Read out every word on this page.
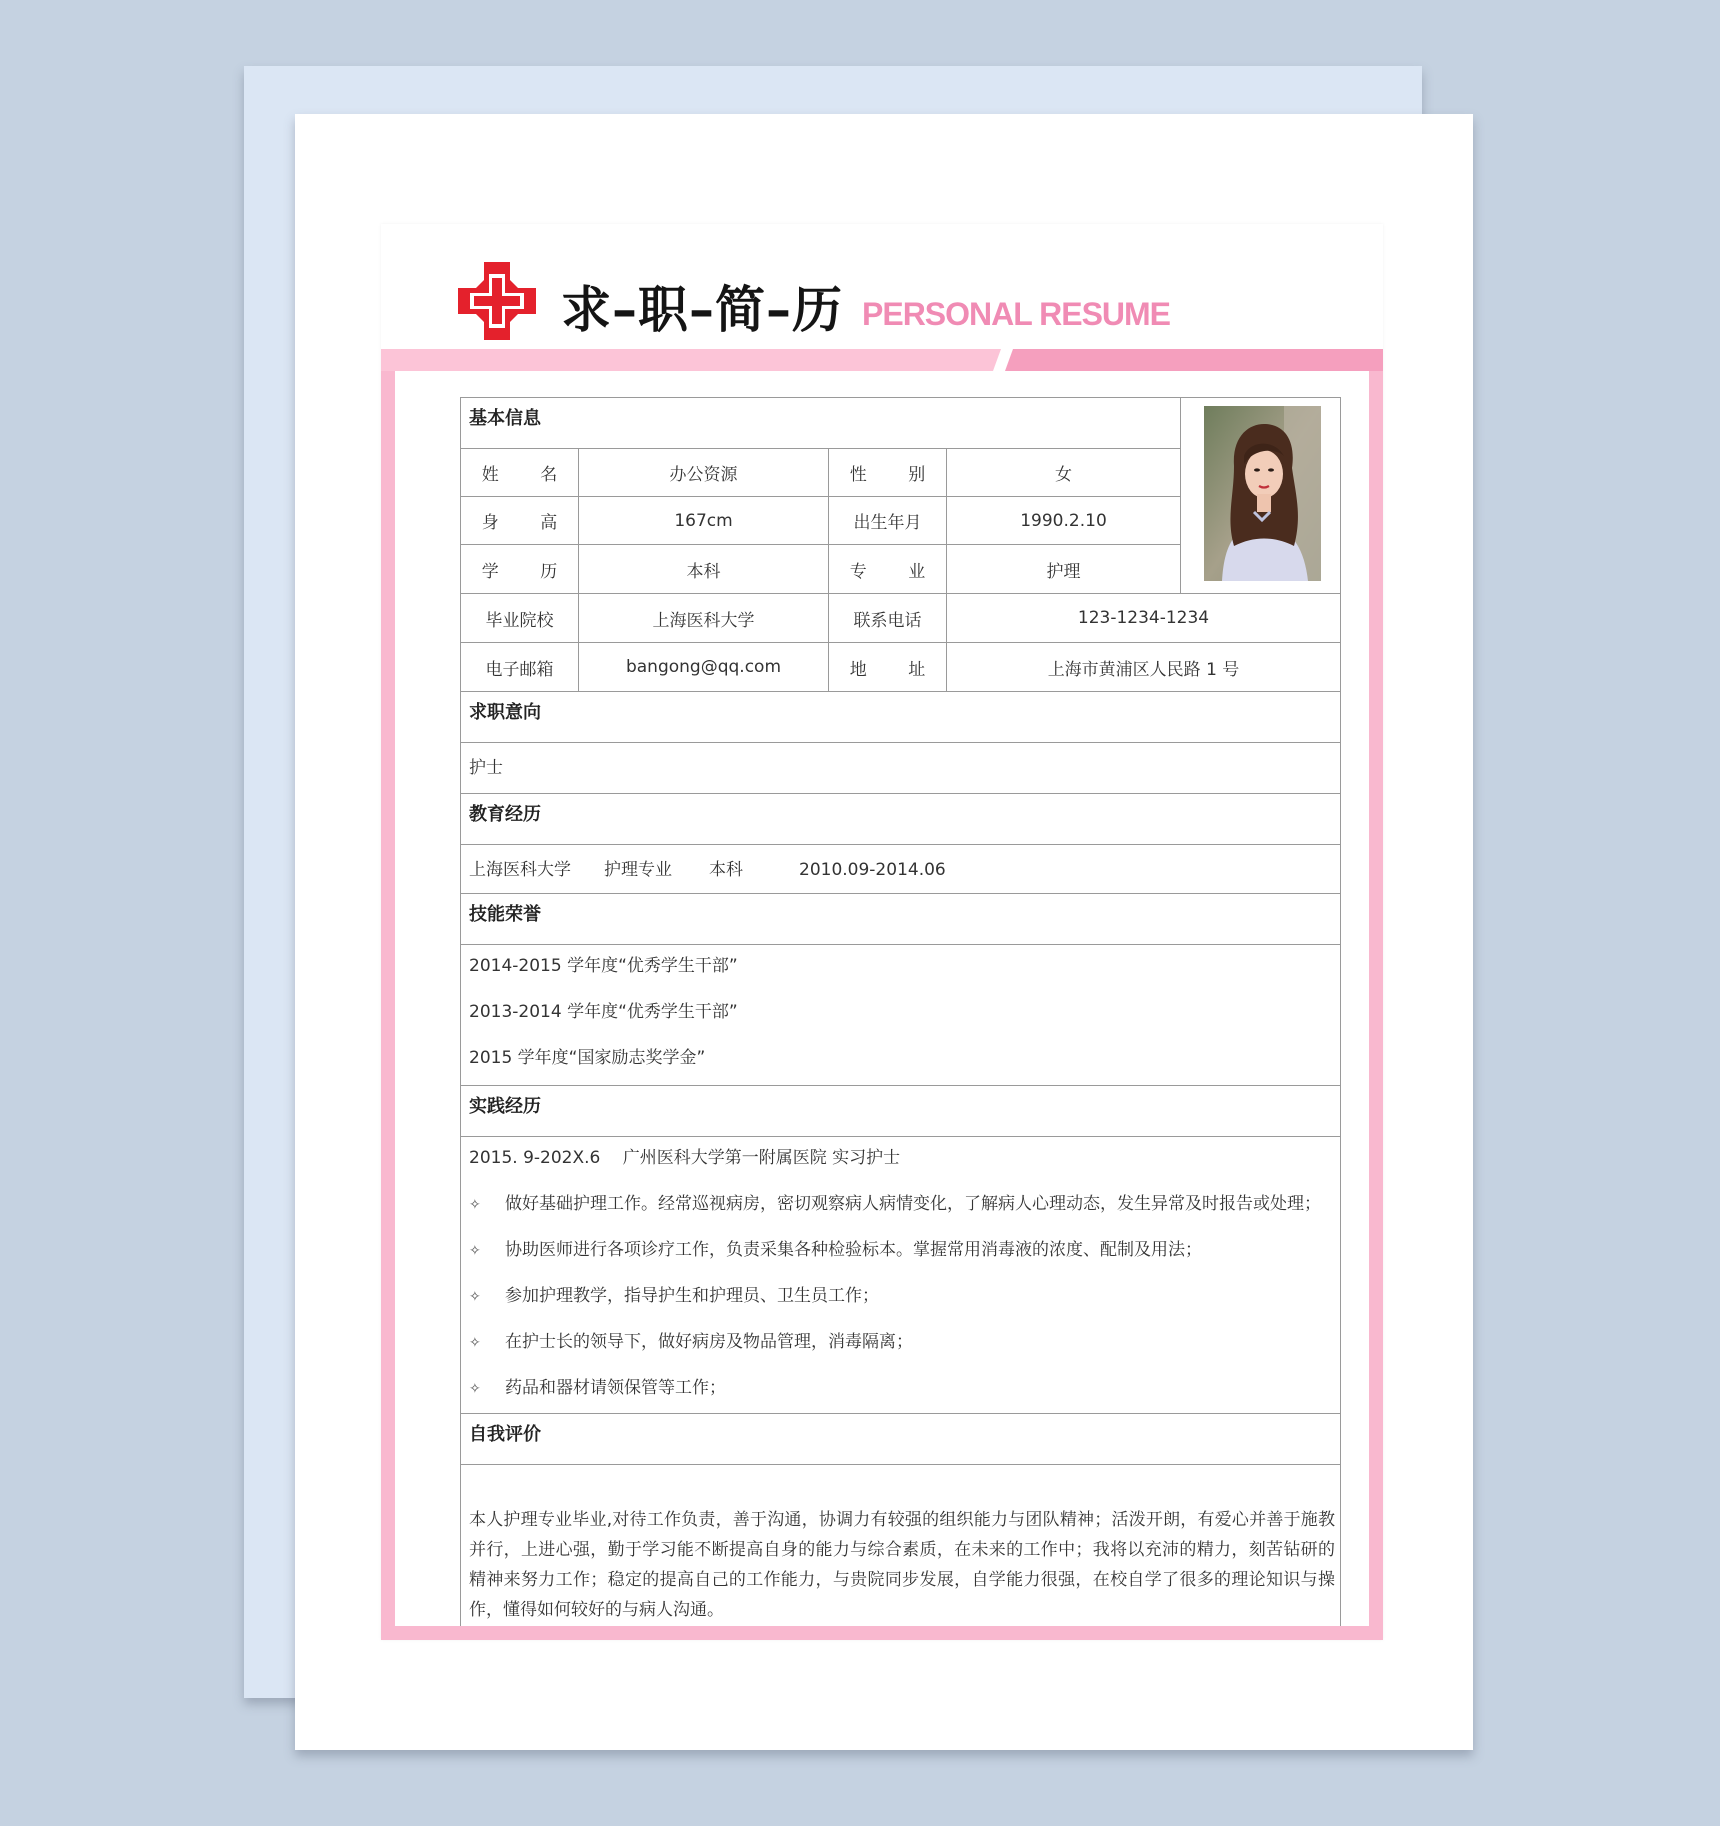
求–职–简–历 PERSONAL RESUME
基本信息
姓 名	办公资源	性 别	女
身 高	167cm	出生年月	1990.2.10
学 历	本科	专 业	护理
毕业院校	上海医科大学	联系电话	123-1234-1234
电子邮箱	bangong@qq.com	地 址	上海市黄浦区人民路 1 号
求职意向
护士
教育经历
上海医科大学 护理专业 本科	2010.09-2014.06
技能荣誉
2014-2015 学年度“优秀学生干部”
2013-2014 学年度“优秀学生干部”
2015 学年度“国家励志奖学金”
实践经历
2015. 9-202X.6　 广州医科大学第一附属医院 实习护士
✧ 做好基础护理工作。经常巡视病房，密切观察病人病情变化，了解病人心理动态，发生异常及时报告或处理；
✧ 协助医师进行各项诊疗工作，负责采集各种检验标本。掌握常用消毒液的浓度、配制及用法；
✧ 参加护理教学，指导护生和护理员、卫生员工作；
✧ 在护士长的领导下，做好病房及物品管理，消毒隔离；
✧ 药品和器材请领保管等工作；
自我评价
本人护理专业毕业,对待工作负责，善于沟通，协调力有较强的组织能力与团队精神；活泼开朗，有爱心并善于施教并行，上进心强，勤于学习能不断提高自身的能力与综合素质，在未来的工作中；我将以充沛的精力，刻苦钻研的精神来努力工作；稳定的提高自己的工作能力，与贵院同步发展，自学能力很强，在校自学了很多的理论知识与操作，懂得如何较好的与病人沟通。
